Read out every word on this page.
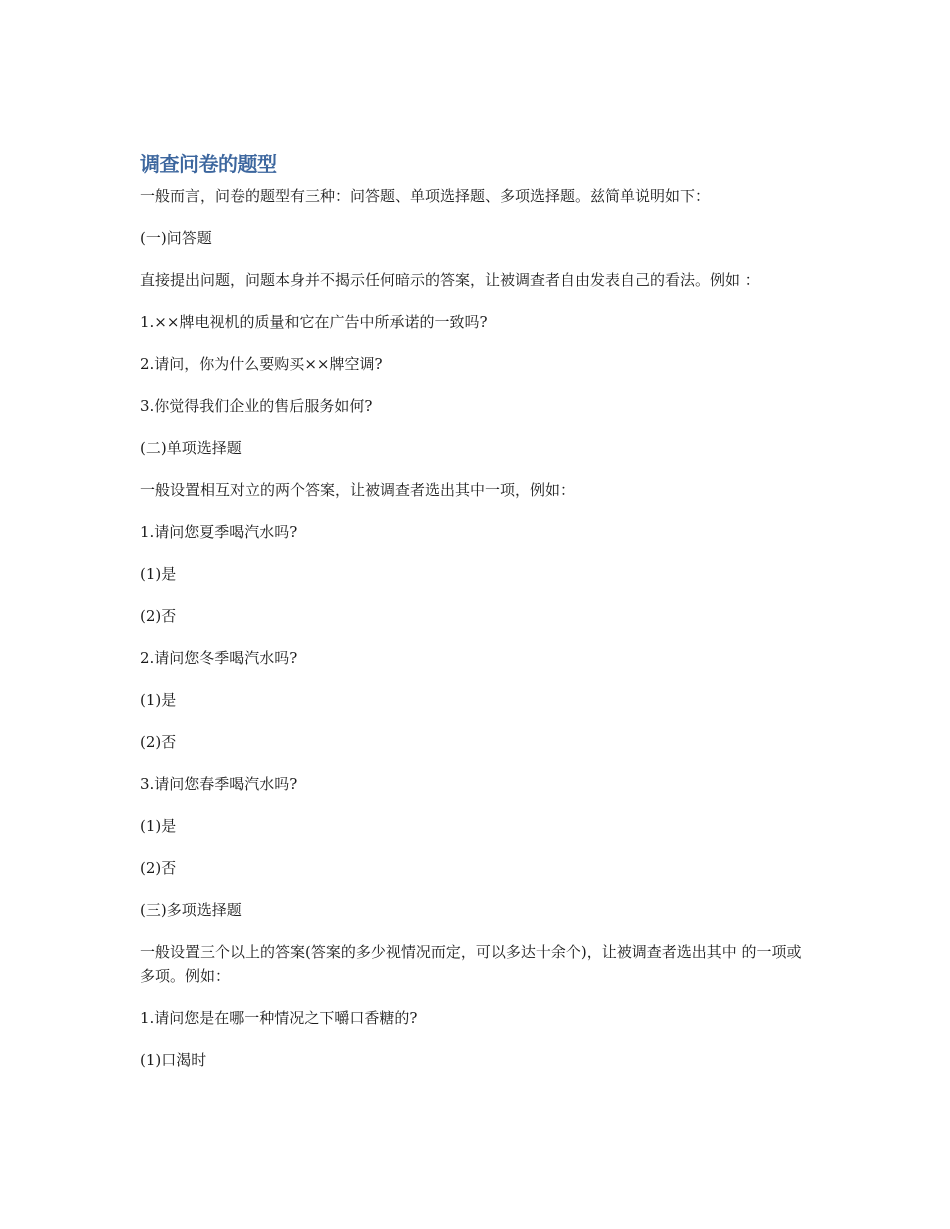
调查问卷的题型

一般而言，问卷的题型有三种：问答题、单项选择题、多项选择题。兹简单说明如下：

(一)问答题

直接提出问题，问题本身并不揭示任何暗示的答案，让被调查者自由发表自己的看法。例如 ：

1.××牌电视机的质量和它在广告中所承诺的一致吗?

2.请问，你为什么要购买××牌空调?

3.你觉得我们企业的售后服务如何?

(二)单项选择题

一般设置相互对立的两个答案，让被调查者选出其中一项，例如：

1.请问您夏季喝汽水吗?

(1)是

(2)否

2.请问您冬季喝汽水吗?

(1)是

(2)否

3.请问您春季喝汽水吗?

(1)是

(2)否

(三)多项选择题

一般设置三个以上的答案(答案的多少视情况而定，可以多达十余个)，让被调查者选出其中 的一项或多项。例如：

1.请问您是在哪一种情况之下嚼口香糖的?

(1)口渴时
